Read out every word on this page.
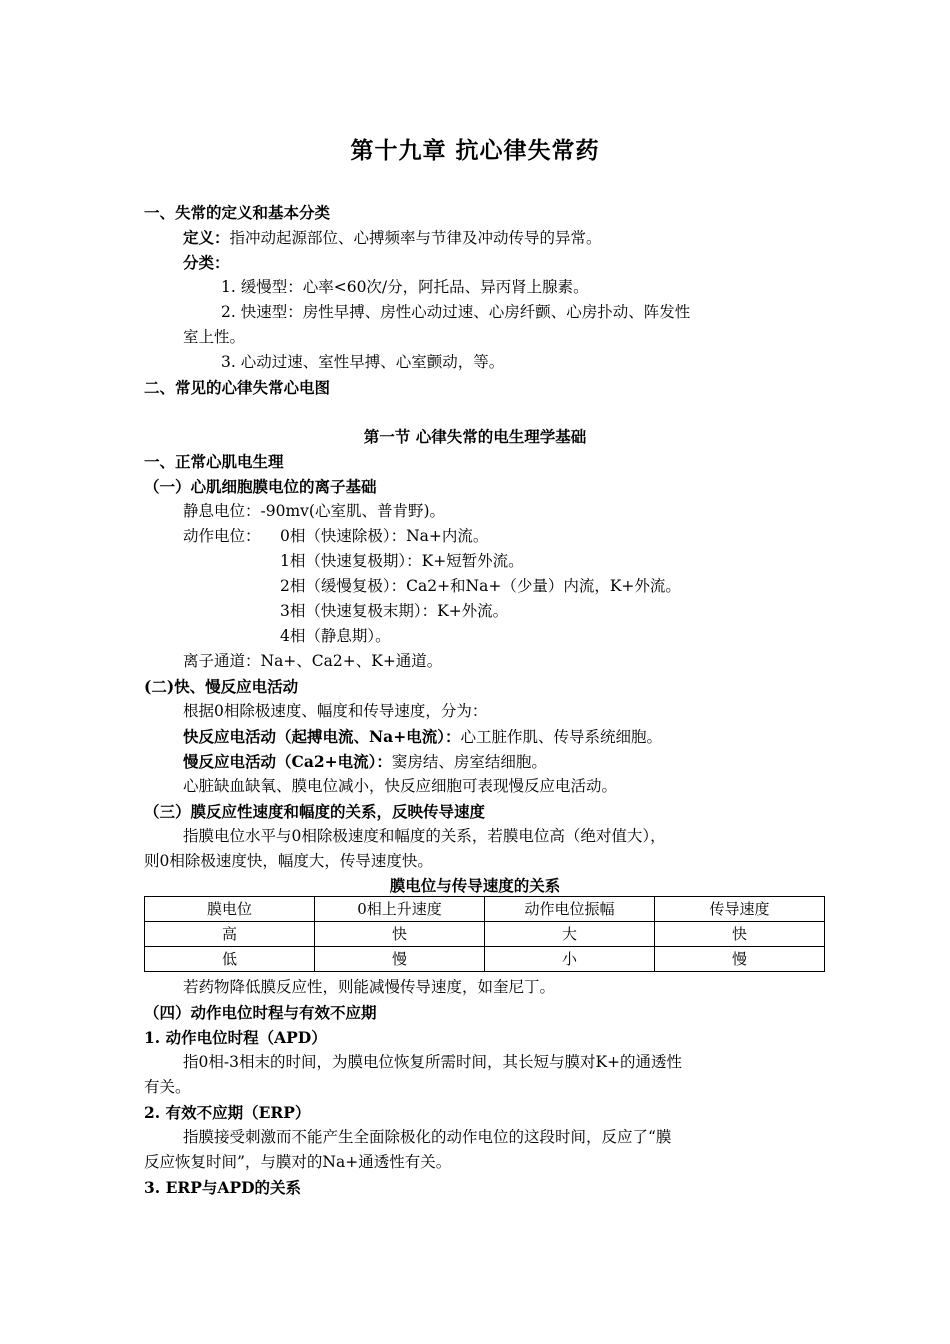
第十九章 抗心律失常药
一、失常的定义和基本分类
定义：指冲动起源部位、心搏频率与节律及冲动传导的异常。
分类：
1. 缓慢型：心率<60次/分，阿托品、异丙肾上腺素。
2. 快速型：房性早搏、房性心动过速、心房纤颤、心房扑动、阵发性
室上性。
3. 心动过速、室性早搏、心室颤动，等。
二、常见的心律失常心电图
第一节 心律失常的电生理学基础
一、正常心肌电生理
（一）心肌细胞膜电位的离子基础
静息电位：-90mv(心室肌、普肯野)。
动作电位： 0相（快速除极）：Na+内流。
1相（快速复极期）：K+短暂外流。
2相（缓慢复极）：Ca2+和Na+（少量）内流，K+外流。
3相（快速复极末期）：K+外流。
4相（静息期）。
离子通道：Na+、Ca2+、K+通道。
(二)快、慢反应电活动
根据0相除极速度、幅度和传导速度，分为：
快反应电活动（起搏电流、Na+电流）：心工脏作肌、传导系统细胞。
慢反应电活动（Ca2+电流）：窦房结、房室结细胞。
心脏缺血缺氧、膜电位减小，快反应细胞可表现慢反应电活动。
（三）膜反应性速度和幅度的关系，反映传导速度
指膜电位水平与0相除极速度和幅度的关系，若膜电位高（绝对值大），
则0相除极速度快，幅度大，传导速度快。
膜电位与传导速度的关系
膜电位	0相上升速度	动作电位振幅	传导速度
高	快	大	快
低	慢	小	慢
若药物降低膜反应性，则能减慢传导速度，如奎尼丁。
（四）动作电位时程与有效不应期
1. 动作电位时程（APD）
指0相-3相末的时间，为膜电位恢复所需时间，其长短与膜对K+的通透性
有关。
2. 有效不应期（ERP）
指膜接受刺激而不能产生全面除极化的动作电位的这段时间，反应了“膜
反应恢复时间”，与膜对的Na+通透性有关。
3. ERP与APD的关系
